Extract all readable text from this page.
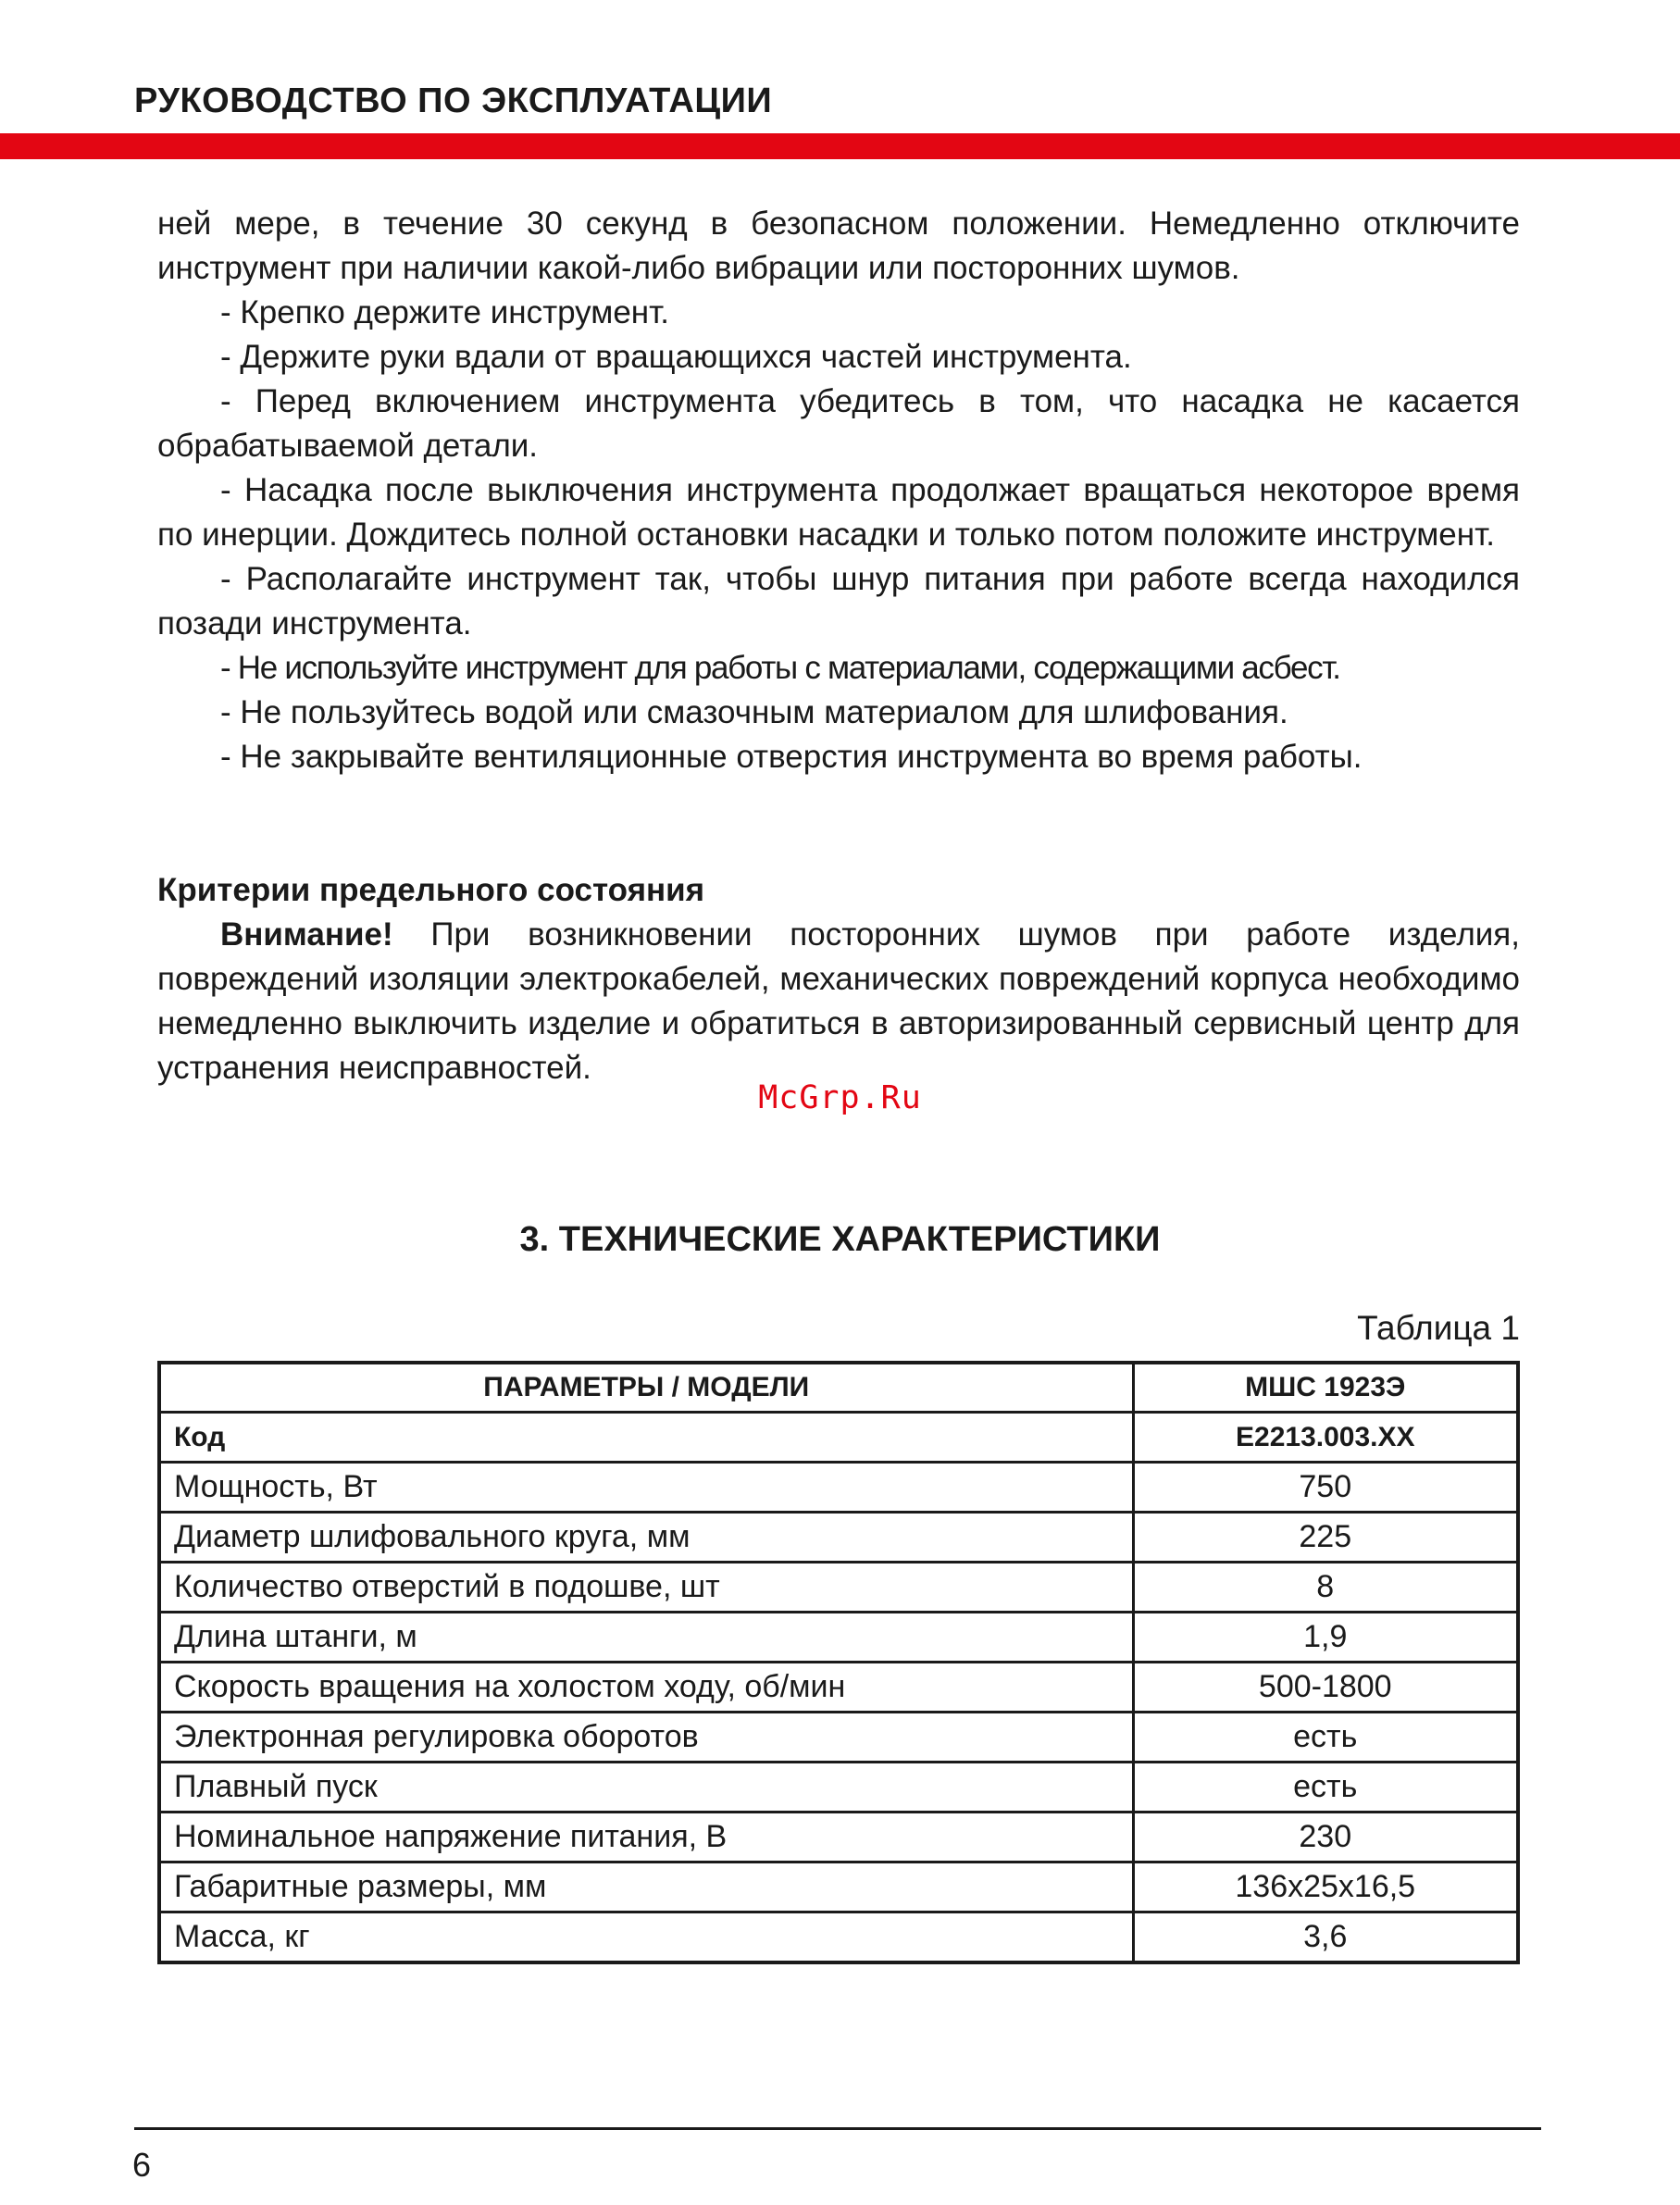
РУКОВОДСТВО ПО ЭКСПЛУАТАЦИИ

ней мере, в течение 30 секунд в безопасном положении. Немедленно отключите инструмент при наличии какой-либо вибрации или посторонних шумов.

- Крепко держите инструмент.

- Держите руки вдали от вращающихся частей инструмента.

- Перед включением инструмента убедитесь в том, что насадка не касается обрабатываемой детали.

- Насадка после выключения инструмента продолжает вращаться некоторое время по инерции. Дождитесь полной остановки насадки и только потом положите инструмент.

- Располагайте инструмент так, чтобы шнур питания при работе всегда находился позади инструмента.

- Не используйте инструмент для работы с материалами, содержащими асбест.

- Не пользуйтесь водой или смазочным материалом для шлифования.

- Не закрывайте вентиляционные отверстия инструмента во время работы.

Критерии предельного состояния

Внимание! При возникновении посторонних шумов при работе изделия, повреждений изоляции электрокабелей, механических повреждений корпуса необходимо немедленно выключить изделие и обратиться в авторизированный сервисный центр для устранения неисправностей.

McGrp.Ru
3. ТЕХНИЧЕСКИЕ ХАРАКТЕРИСТИКИ
Таблица 1
ПАРАМЕТРЫ / МОДЕЛИ	МШС 1923Э
Код	E2213.003.XX
Мощность, Вт	750
Диаметр шлифовального круга, мм	225
Количество отверстий в подошве, шт	8
Длина штанги, м	1,9
Скорость вращения на холостом ходу, об/мин	500-1800
Электронная регулировка оборотов	есть
Плавный пуск	есть
Номинальное напряжение питания, В	230
Габаритные размеры, мм	136x25x16,5
Масса, кг	3,6
6
